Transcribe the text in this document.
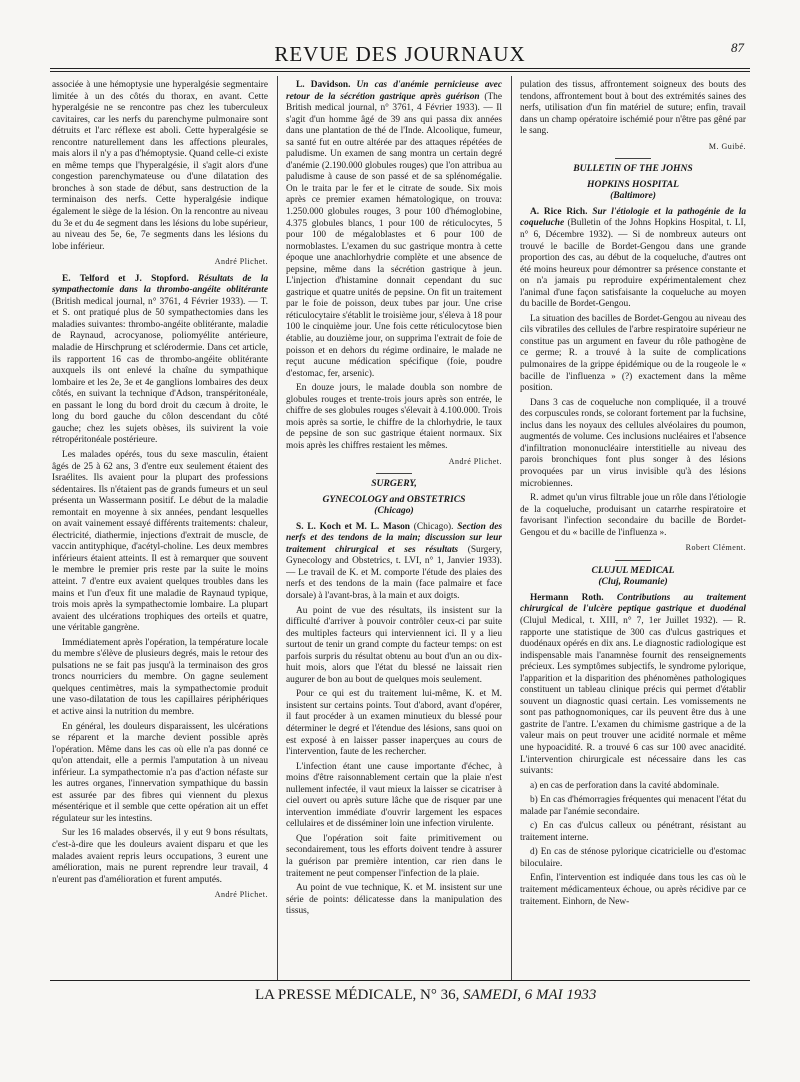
REVUE DES JOURNAUX	87

associée à une hémoptysie une hyperalgésie segmentaire limitée à un des côtés du thorax, en avant. Cette hyperalgésie ne se rencontre pas chez les tuberculeux cavitaires, car les nerfs du parenchyme pulmonaire sont détruits et l'arc réflexe est aboli. Cette hyperalgésie se rencontre naturellement dans les affections pleurales, mais alors il n'y a pas d'hémoptysie. Quand celle-ci existe en même temps que l'hyperalgésie, il s'agit alors d'une congestion parenchymateuse ou d'une dilatation des bronches à son stade de début, sans destruction de la terminaison des nerfs. Cette hyperalgésie indique également le siège de la lésion. On la rencontre au niveau du 3e et du 4e segment dans les lésions du lobe supérieur, au niveau des 5e, 6e, 7e segments dans les lésions du lobe inférieur.

André Plichet.

E. Telford et J. Stopford. Résultats de la sympathectomie dans la thrombo-angéite oblitérante (British medical journal, n° 3761, 4 Février 1933). — T. et S. ont pratiqué plus de 50 sympathectomies dans les maladies suivantes: thrombo-angéite oblitérante, maladie de Raynaud, acrocyanose, poliomyélite antérieure, maladie de Hirschprung et sclérodermie. Dans cet article, ils rapportent 16 cas de thrombo-angéite oblitérante auxquels ils ont enlevé la chaîne du sympathique lombaire et les 2e, 3e et 4e ganglions lombaires des deux côtés, en suivant la technique d'Adson, transpéritonéale, en passant le long du bord droit du cæcum à droite, le long du bord gauche du côlon descendant du côté gauche; chez les sujets obèses, ils suivirent la voie rétropéritonéale postérieure.

Les malades opérés, tous du sexe masculin, étaient âgés de 25 à 62 ans, 3 d'entre eux seulement étaient des Israélites. Ils avaient pour la plupart des professions sédentaires. Ils n'étaient pas de grands fumeurs et un seul présenta un Wassermann positif. Le début de la maladie remontait en moyenne à six années, pendant lesquelles on avait vainement essayé différents traitements: chaleur, électricité, diathermie, injections d'extrait de muscle, de vaccin antityphique, d'acétyl-choline. Les deux membres inférieurs étaient atteints. Il est à remarquer que souvent le membre le premier pris reste par la suite le moins atteint. 7 d'entre eux avaient quelques troubles dans les mains et l'un d'eux fit une maladie de Raynaud typique, trois mois après la sympathectomie lombaire. La plupart avaient des ulcérations trophiques des orteils et quatre, une véritable gangrène.

Immédiatement après l'opération, la température locale du membre s'élève de plusieurs degrés, mais le retour des pulsations ne se fait pas jusqu'à la terminaison des gros troncs nourriciers du membre. On gagne seulement quelques centimètres, mais la sympathectomie produit une vaso-dilatation de tous les capillaires périphériques et active ainsi la nutrition du membre.

En général, les douleurs disparaissent, les ulcérations se réparent et la marche devient possible après l'opération. Même dans les cas où elle n'a pas donné ce qu'on attendait, elle a permis l'amputation à un niveau inférieur. La sympathectomie n'a pas d'action néfaste sur les autres organes, l'innervation sympathique du bassin est assurée par des fibres qui viennent du plexus mésentérique et il semble que cette opération ait un effet régulateur sur les intestins.

Sur les 16 malades observés, il y eut 9 bons résultats, c'est-à-dire que les douleurs avaient disparu et que les malades avaient repris leurs occupations, 3 eurent une amélioration, mais ne purent reprendre leur travail, 4 n'eurent pas d'amélioration et furent amputés.

André Plichet.

L. Davidson. Un cas d'anémie pernicieuse avec retour de la sécrétion gastrique après guérison (The British medical journal, n° 3761, 4 Février 1933). — Il s'agit d'un homme âgé de 39 ans qui passa dix années dans une plantation de thé de l'Inde. Alcoolique, fumeur, sa santé fut en outre altérée par des attaques répétées de paludisme. Un examen de sang montra un certain degré d'anémie (2.190.000 globules rouges) que l'on attribua au paludisme à cause de son passé et de sa splénomégalie. On le traita par le fer et le citrate de soude. Six mois après ce premier examen hématologique, on trouva: 1.250.000 globules rouges, 3 pour 100 d'hémoglobine, 4.375 globules blancs, 1 pour 100 de réticulocytes, 5 pour 100 de mégaloblastes et 6 pour 100 de normoblastes. L'examen du suc gastrique montra à cette époque une anachlorhydrie complète et une absence de pepsine, même dans la sécrétion gastrique à jeun. L'injection d'histamine donnait cependant du suc gastrique et quatre unités de pepsine. On fit un traitement par le foie de poisson, deux tubes par jour. Une crise réticulocytaire s'établit le troisième jour, s'éleva à 18 pour 100 le cinquième jour. Une fois cette réticulocytose bien établie, au douzième jour, on supprima l'extrait de foie de poisson et en dehors du régime ordinaire, le malade ne reçut aucune médication spécifique (foie, poudre d'estomac, fer, arsenic).

En douze jours, le malade doubla son nombre de globules rouges et trente-trois jours après son entrée, le chiffre de ses globules rouges s'élevait à 4.100.000. Trois mois après sa sortie, le chiffre de la chlorhydrie, le taux de pepsine de son suc gastrique étaient normaux. Six mois après les chiffres restaient les mêmes.

André Plichet.
SURGERY,
GYNECOLOGY and OBSTETRICS
(Chicago)

S. L. Koch et M. L. Mason (Chicago). Section des nerfs et des tendons de la main; discussion sur leur traitement chirurgical et ses résultats (Surgery, Gynecology and Obstetrics, t. LVI, n° 1, Janvier 1933). — Le travail de K. et M. comporte l'étude des plaies des nerfs et des tendons de la main (face palmaire et face dorsale) à l'avant-bras, à la main et aux doigts.

Au point de vue des résultats, ils insistent sur la difficulté d'arriver à pouvoir contrôler ceux-ci par suite des multiples facteurs qui interviennent ici. Il y a lieu surtout de tenir un grand compte du facteur temps: on est parfois surpris du résultat obtenu au bout d'un an ou dix-huit mois, alors que l'état du blessé ne laissait rien augurer de bon au bout de quelques mois seulement.

Pour ce qui est du traitement lui-même, K. et M. insistent sur certains points. Tout d'abord, avant d'opérer, il faut procéder à un examen minutieux du blessé pour déterminer le degré et l'étendue des lésions, sans quoi on est exposé à en laisser passer inaperçues au cours de l'intervention, faute de les rechercher.

L'infection étant une cause importante d'échec, à moins d'être raisonnablement certain que la plaie n'est nullement infectée, il vaut mieux la laisser se cicatriser à ciel ouvert ou après suture lâche que de risquer par une intervention immédiate d'ouvrir largement les espaces cellulaires et de disséminer loin une infection virulente.

Que l'opération soit faite primitivement ou secondairement, tous les efforts doivent tendre à assurer la guérison par première intention, car rien dans le traitement ne peut compenser l'infection de la plaie.

Au point de vue technique, K. et M. insistent sur une série de points: délicatesse dans la manipulation des tissus,

pulation des tissus, affrontement soigneux des bouts des tendons, affrontement bout à bout des extrémités saines des nerfs, utilisation d'un fin matériel de suture; enfin, travail dans un champ opératoire ischémié pour n'être pas gêné par le sang.

M. Guibé.
BULLETIN OF THE JOHNS
HOPKINS HOSPITAL
(Baltimore)

A. Rice Rich. Sur l'étiologie et la pathogénie de la coqueluche (Bulletin of the Johns Hopkins Hospital, t. LI, n° 6, Décembre 1932). — Si de nombreux auteurs ont trouvé le bacille de Bordet-Gengou dans une grande proportion des cas, au début de la coqueluche, d'autres ont été moins heureux pour démontrer sa présence constante et on n'a jamais pu reproduire expérimentalement chez l'animal d'une façon satisfaisante la coqueluche au moyen du bacille de Bordet-Gengou.

La situation des bacilles de Bordet-Gengou au niveau des cils vibratiles des cellules de l'arbre respiratoire supérieur ne constitue pas un argument en faveur du rôle pathogène de ce germe; R. a trouvé à la suite de complications pulmonaires de la grippe épidémique ou de la rougeole le « bacille de l'influenza » (?) exactement dans la même position.

Dans 3 cas de coqueluche non compliquée, il a trouvé des corpuscules ronds, se colorant fortement par la fuchsine, inclus dans les noyaux des cellules alvéolaires du poumon, augmentés de volume. Ces inclusions nucléaires et l'absence d'infiltration mononucléaire interstitielle au niveau des parois bronchiques font plus songer à des lésions provoquées par un virus invisible qu'à des lésions microbiennes.

R. admet qu'un virus filtrable joue un rôle dans l'étiologie de la coqueluche, produisant un catarrhe respiratoire et favorisant l'infection secondaire du bacille de Bordet-Gengou et du « bacille de l'influenza ».

Robert Clément.
CLUJUL MEDICAL
(Cluj, Roumanie)

Hermann Roth. Contributions au traitement chirurgical de l'ulcère peptique gastrique et duodénal (Clujul Medical, t. XIII, n° 7, 1er Juillet 1932). — R. rapporte une statistique de 300 cas d'ulcus gastriques et duodénaux opérés en dix ans. Le diagnostic radiologique est indispensable mais l'anamnèse fournit des renseignements précieux. Les symptômes subjectifs, le syndrome pylorique, l'apparition et la disparition des phénomènes pathologiques constituent un tableau clinique précis qui permet d'établir souvent un diagnostic quasi certain. Les vomissements ne sont pas pathognomoniques, car ils peuvent être dus à une gastrite de l'antre. L'examen du chimisme gastrique a de la valeur mais on peut trouver une acidité normale et même une hypoacidité. R. a trouvé 6 cas sur 100 avec anacidité. L'intervention chirurgicale est nécessaire dans les cas suivants:

a) en cas de perforation dans la cavité abdominale.

b) En cas d'hémorragies fréquentes qui menacent l'état du malade par l'anémie secondaire.

c) En cas d'ulcus calleux ou pénétrant, résistant au traitement interne.

d) En cas de sténose pylorique cicatricielle ou d'estomac biloculaire.

Enfin, l'intervention est indiquée dans tous les cas où le traitement médicamenteux échoue, ou après récidive par ce traitement. Einhorn, de New-

LA PRESSE MÉDICALE, N° 36, SAMEDI, 6 MAI 1933
